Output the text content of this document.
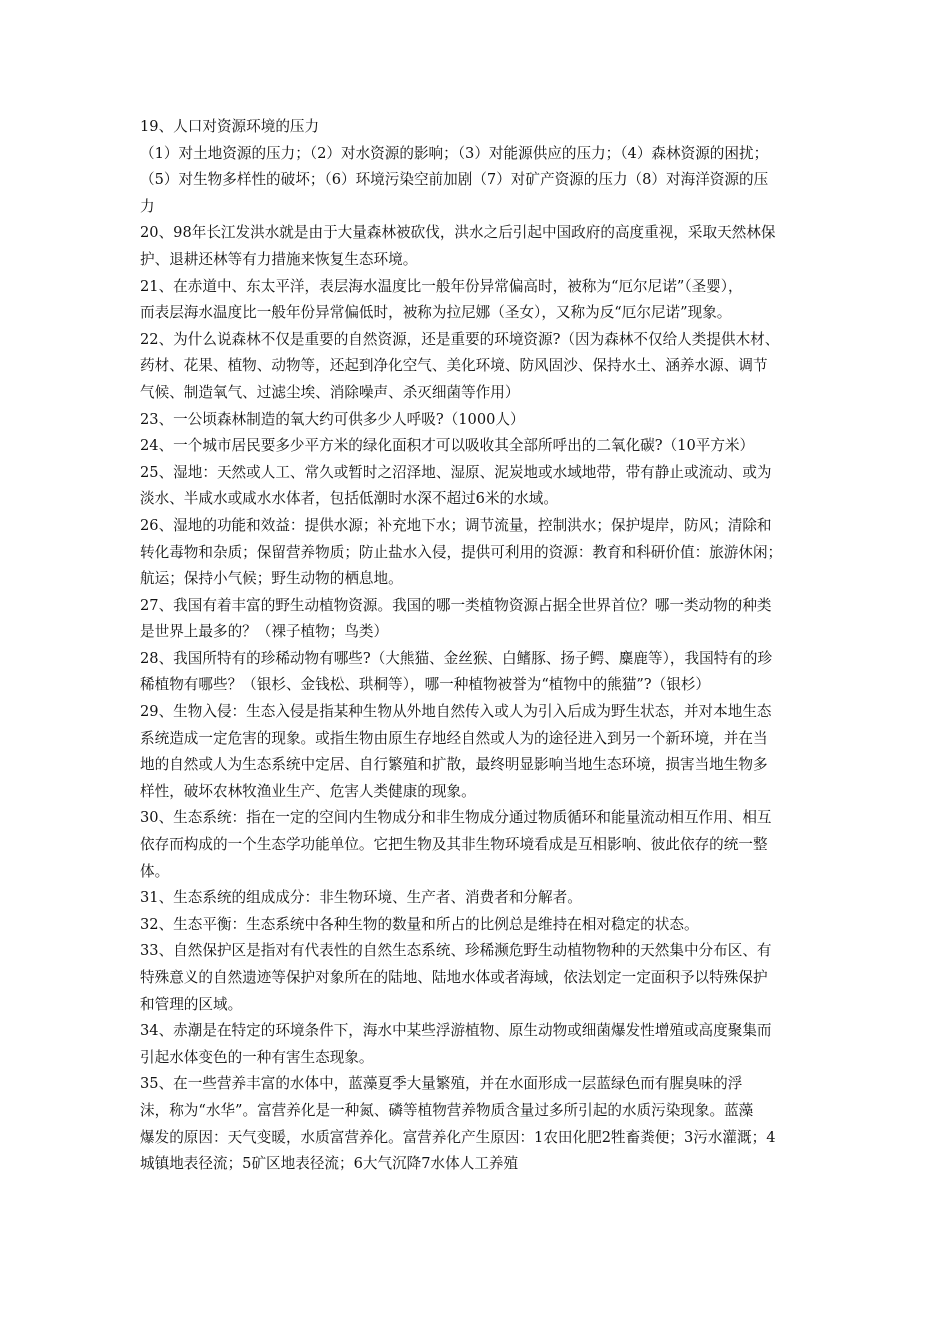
19、人口对资源环境的压力
（1）对土地资源的压力；（2）对水资源的影响；（3）对能源供应的压力；（4）森林资源的困扰；
（5）对生物多样性的破坏；（6）环境污染空前加剧（7）对矿产资源的压力（8）对海洋资源的压
力
20、98年长江发洪水就是由于大量森林被砍伐，洪水之后引起中国政府的高度重视，采取天然林保
护、退耕还林等有力措施来恢复生态环境。
21、在赤道中、东太平洋，表层海水温度比一般年份异常偏高时，被称为“厄尔尼诺”（圣婴），
而表层海水温度比一般年份异常偏低时，被称为拉尼娜（圣女），又称为反“厄尔尼诺”现象。
22、为什么说森林不仅是重要的自然资源，还是重要的环境资源?（因为森林不仅给人类提供木材、
药材、花果、植物、动物等，还起到净化空气、美化环境、防风固沙、保持水土、涵养水源、调节
气候、制造氧气、过滤尘埃、消除噪声、杀灭细菌等作用）
23、一公顷森林制造的氧大约可供多少人呼吸?（1000人）
24、一个城市居民要多少平方米的绿化面积才可以吸收其全部所呼出的二氧化碳?（10平方米）
25、湿地：天然或人工、常久或暂时之沼泽地、湿原、泥炭地或水域地带，带有静止或流动、或为
淡水、半咸水或咸水水体者，包括低潮时水深不超过6米的水域。
26、湿地的功能和效益：提供水源；补充地下水；调节流量，控制洪水；保护堤岸，防风；清除和
转化毒物和杂质；保留营养物质；防止盐水入侵，提供可利用的资源：教育和科研价值：旅游休闲；
航运；保持小气候；野生动物的栖息地。
27、我国有着丰富的野生动植物资源。我国的哪一类植物资源占据全世界首位？哪一类动物的种类
是世界上最多的？（裸子植物；鸟类）
28、我国所特有的珍稀动物有哪些?（大熊猫、金丝猴、白鳍豚、扬子鳄、麋鹿等），我国特有的珍
稀植物有哪些？（银杉、金钱松、珙桐等），哪一种植物被誉为“植物中的熊猫”?（银杉）
29、生物入侵：生态入侵是指某种生物从外地自然传入或人为引入后成为野生状态，并对本地生态
系统造成一定危害的现象。或指生物由原生存地经自然或人为的途径进入到另一个新环境，并在当
地的自然或人为生态系统中定居、自行繁殖和扩散，最终明显影响当地生态环境，损害当地生物多
样性，破坏农林牧渔业生产、危害人类健康的现象。
30、生态系统：指在一定的空间内生物成分和非生物成分通过物质循环和能量流动相互作用、相互
依存而构成的一个生态学功能单位。它把生物及其非生物环境看成是互相影响、彼此依存的统一整
体。
31、生态系统的组成成分：非生物环境、生产者、消费者和分解者。
32、生态平衡：生态系统中各种生物的数量和所占的比例总是维持在相对稳定的状态。
33、自然保护区是指对有代表性的自然生态系统、珍稀濒危野生动植物物种的天然集中分布区、有
特殊意义的自然遗迹等保护对象所在的陆地、陆地水体或者海域，依法划定一定面积予以特殊保护
和管理的区域。
34、赤潮是在特定的环境条件下，海水中某些浮游植物、原生动物或细菌爆发性增殖或高度聚集而
引起水体变色的一种有害生态现象。
35、在一些营养丰富的水体中，蓝藻夏季大量繁殖，并在水面形成一层蓝绿色而有腥臭味的浮
沫，称为“水华”。富营养化是一种氮、磷等植物营养物质含量过多所引起的水质污染现象。蓝藻
爆发的原因：天气变暖，水质富营养化。富营养化产生原因：1农田化肥2牲畜粪便；3污水灌溉；4
城镇地表径流；5矿区地表径流；6大气沉降7水体人工养殖
